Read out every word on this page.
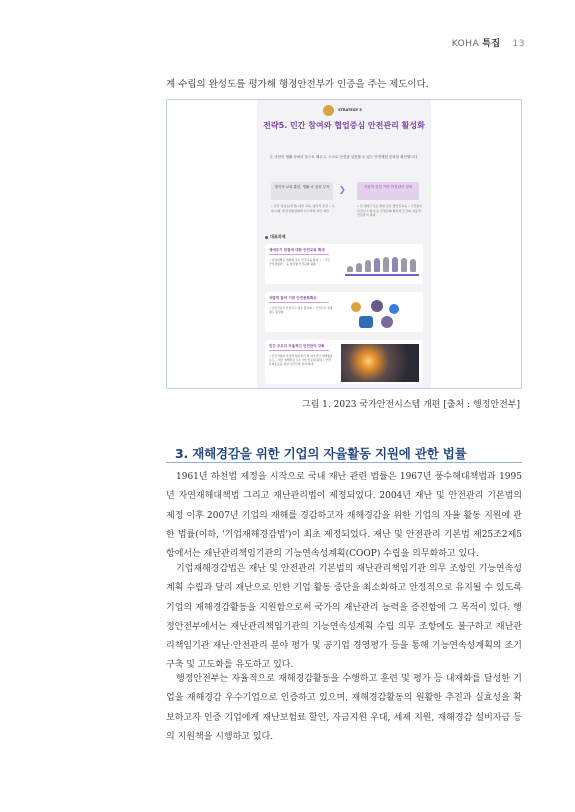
KOHA 특집 13
계 수립의 완성도를 평가해 행정안전부가 인증을 주는 제도이다.
STRATEGY 5
전략5. 민간 참여와 협업중심 안전관리 활성화
온 국민이 생활 속에서 몸으로 배우고, 스스로 안전을 실천할 수 있는 안전체험 문화를 확산합니다.
형식적 교육 훈련, 생활 속 실천 부족	❯	자율적 실천 기반 안전관리 강화
• 일부 연령층(학생)·대상 교육, 형식적 훈련 • 유의 사항 내 안전활성화와 인프라의 관련 제언
• 전 생애주기를 체험 중심 생안전교육 • 국민참여 안전신고 확대 등 안전문화 확산과 민간의 자율적 안전관리 체계
대표과제
생애주기 관점에 대한 안전교육 확대
• 연령대별로 체험형 필수 안전교육 확대 • 「국민 안전체험관」 등 현장형 안전문화 확충
자발적 참여 기반 안전문화확산
• 안전신문고 안전신고 접수 활성화 • 안전신고 정착제도 활성화
민간 주도의 자율적인 안전관리 강화
• 민간기업의 자율적 재난관리 및 자가진단 체계활용 유도 • 재난 재해경감 우수기업 인증제 확대 • 안전문화운동을 위한 시민단체 참여 확대
그림 1. 2023 국가안전시스템 개편 [출처 : 행정안전부]
3. 재해경감을 위한 기업의 자율활동 지원에 관한 법률

1961년 하천법 제정을 시작으로 국내 재난 관련 법률은 1967년 풍수해대책법과 1995년 자연재해대책법 그리고 재난관리법이 제정되었다. 2004년 재난 및 안전관리 기본법의 제정 이후 2007년 기업의 재해를 경감하고자 재해경감을 위한 기업의 자율 활동 지원에 관한 법률(이하, '기업재해경감법')이 최초 제정되었다. 재난 및 안전관리 기본법 제25조2제5항에서는 재난관리책임기관의 기능연속성계획(COOP) 수립을 의무화하고 있다.

기업재해경감법은 재난 및 안전관리 기본법의 재난관리책임기관 의무 조항인 기능연속성계획 수립과 달리 재난으로 인한 기업 활동 중단을 최소화하고 안정적으로 유지될 수 있도록 기업의 재해경감활동을 지원함으로써 국가의 재난관리 능력을 증진함에 그 목적이 있다. 행정안전부에서는 재난관리책임기관의 기능연속성계획 수립 의무 조항에도 불구하고 재난관리책임기관 재난·안전관리 분야 평가 및 공기업 경영평가 등을 통해 기능연속성계획의 조기 구축 및 고도화를 유도하고 있다.

행정안전부는 자율적으로 재해경감활동을 수행하고 훈련 및 평가 등 내재화를 달성한 기업을 재해경감 우수기업으로 인증하고 있으며, 재해경감활동의 원활한 추진과 실효성을 확보하고자 인증 기업에게 재난보험료 할인, 자금지원 우대, 세제 지원, 재해경감 설비자금 등의 지원책을 시행하고 있다.
